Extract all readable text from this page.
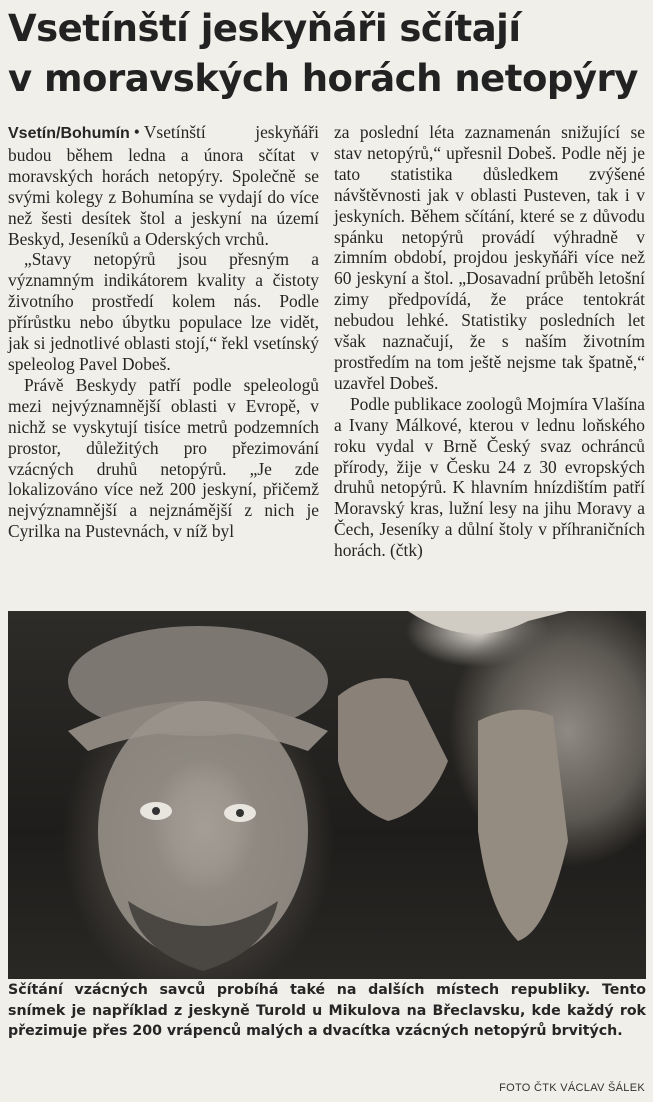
Vsetínští jeskyňáři sčítají
v moravských horách netopýry

Vsetín/Bohumín • Vsetínští jeskyňáři budou během ledna a února sčítat v moravských horách netopýry. Společně se svými kolegy z Bohumína se vydají do více než šesti desítek štol a jeskyní na území Beskyd, Jeseníků a Oderských vrchů.

„Stavy netopýrů jsou přesným a významným indikátorem kvality a čistoty životního prostředí kolem nás. Podle přírůstku nebo úbytku populace lze vidět, jak si jednotlivé oblasti stojí,“ řekl vsetínský speleolog Pavel Dobeš.

Právě Beskydy patří podle speleologů mezi nejvýznamnější oblasti v Evropě, v nichž se vyskytují tisíce metrů podzemních prostor, důležitých pro přezimování vzácných druhů netopýrů. „Je zde lokalizováno více než 200 jeskyní, přičemž nejvýznamnější a nejznámější z nich je Cyrilka na Pustevnách, v níž byl

za poslední léta zaznamenán snižující se stav netopýrů,“ upřesnil Dobeš. Podle něj je tato statistika důsledkem zvýšené návštěvnosti jak v oblasti Pusteven, tak i v jeskyních. Během sčítání, které se z důvodu spánku netopýrů provádí výhradně v zimním období, projdou jeskyňáři více než 60 jeskyní a štol. „Dosavadní průběh letošní zimy předpovídá, že práce tentokrát nebudou lehké. Statistiky posledních let však naznačují, že s naším životním prostředím na tom ještě nejsme tak špatně,“ uzavřel Dobeš.

Podle publikace zoologů Mojmíra Vlašína a Ivany Málkové, kterou v lednu loňského roku vydal v Brně Český svaz ochránců přírody, žije v Česku 24 z 30 evropských druhů netopýrů. K hlavním hnízdištím patří Moravský kras, lužní lesy na jihu Moravy a Čech, Jeseníky a důlní štoly v příhraničních horách. (čtk)

Sčítání vzácných savců probíhá také na dalších místech republiky. Tento snímek je například z jeskyně Turold u Mikulova na Břeclavsku, kde každý rok přezimuje přes 200 vrápenců malých a dvacítka vzácných netopýrů brvitých.

FOTO ČTK VÁCLAV ŠÁLEK
